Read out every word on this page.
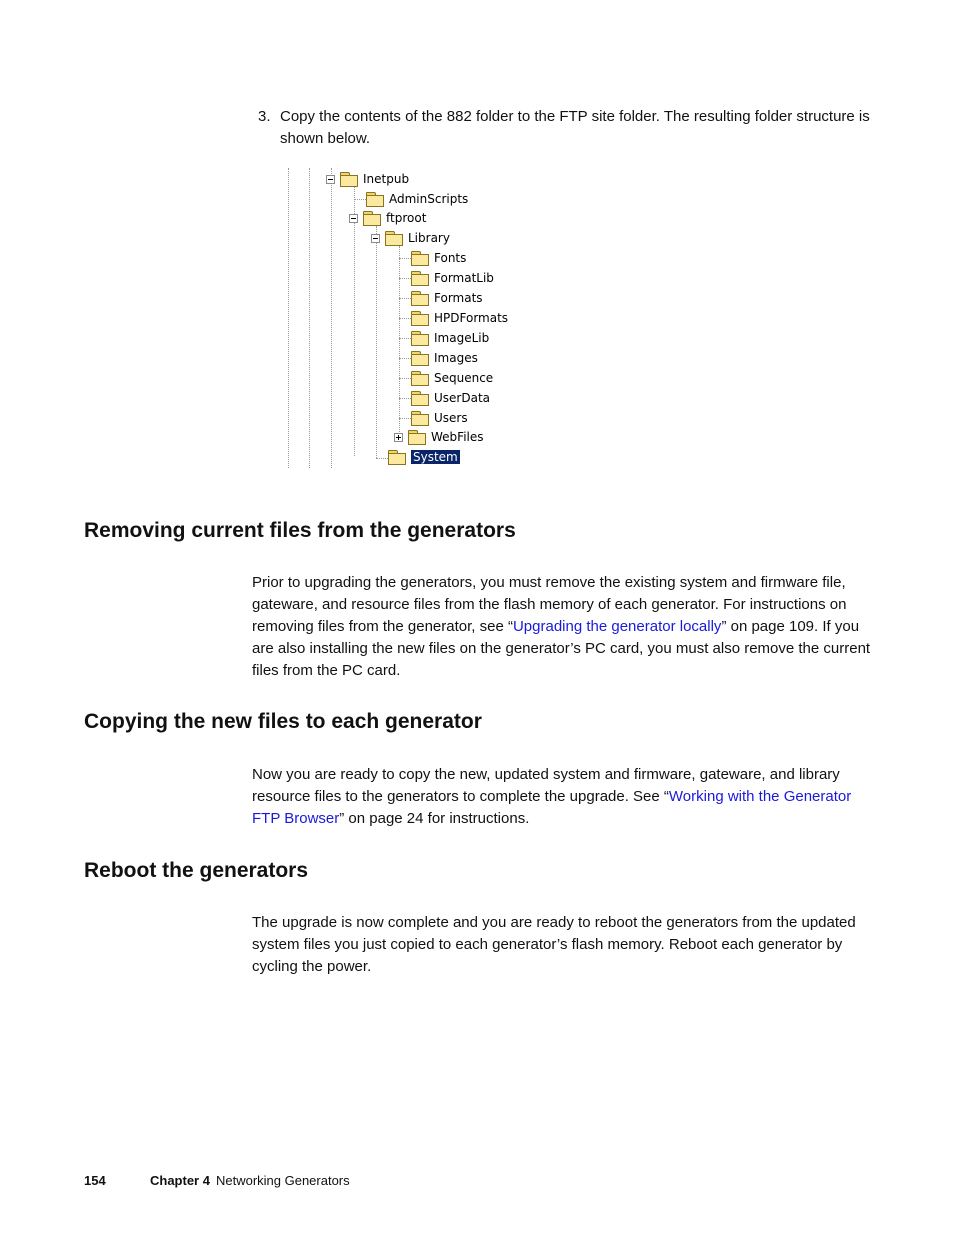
3. Copy the contents of the 882 folder to the FTP site folder. The resulting folder structure is shown below.
Inetpub
AdminScripts
ftproot
Library
Fonts
FormatLib
Formats
HPDFormats
ImageLib
Images
Sequence
UserData
Users
WebFiles
System
Removing current files from the generators

Prior to upgrading the generators, you must remove the existing system and firmware file, gateware, and resource files from the flash memory of each generator. For instructions on removing files from the generator, see “Upgrading the generator locally” on page 109. If you are also installing the new files on the generator’s PC card, you must also remove the current files from the PC card.

Copying the new files to each generator

Now you are ready to copy the new, updated system and firmware, gateware, and library resource files to the generators to complete the upgrade. See “Working with the Generator FTP Browser” on page 24 for instructions.

Reboot the generators

The upgrade is now complete and you are ready to reboot the generators from the updated system files you just copied to each generator’s flash memory. Reboot each generator by cycling the power.

154	Chapter 4 Networking Generators
